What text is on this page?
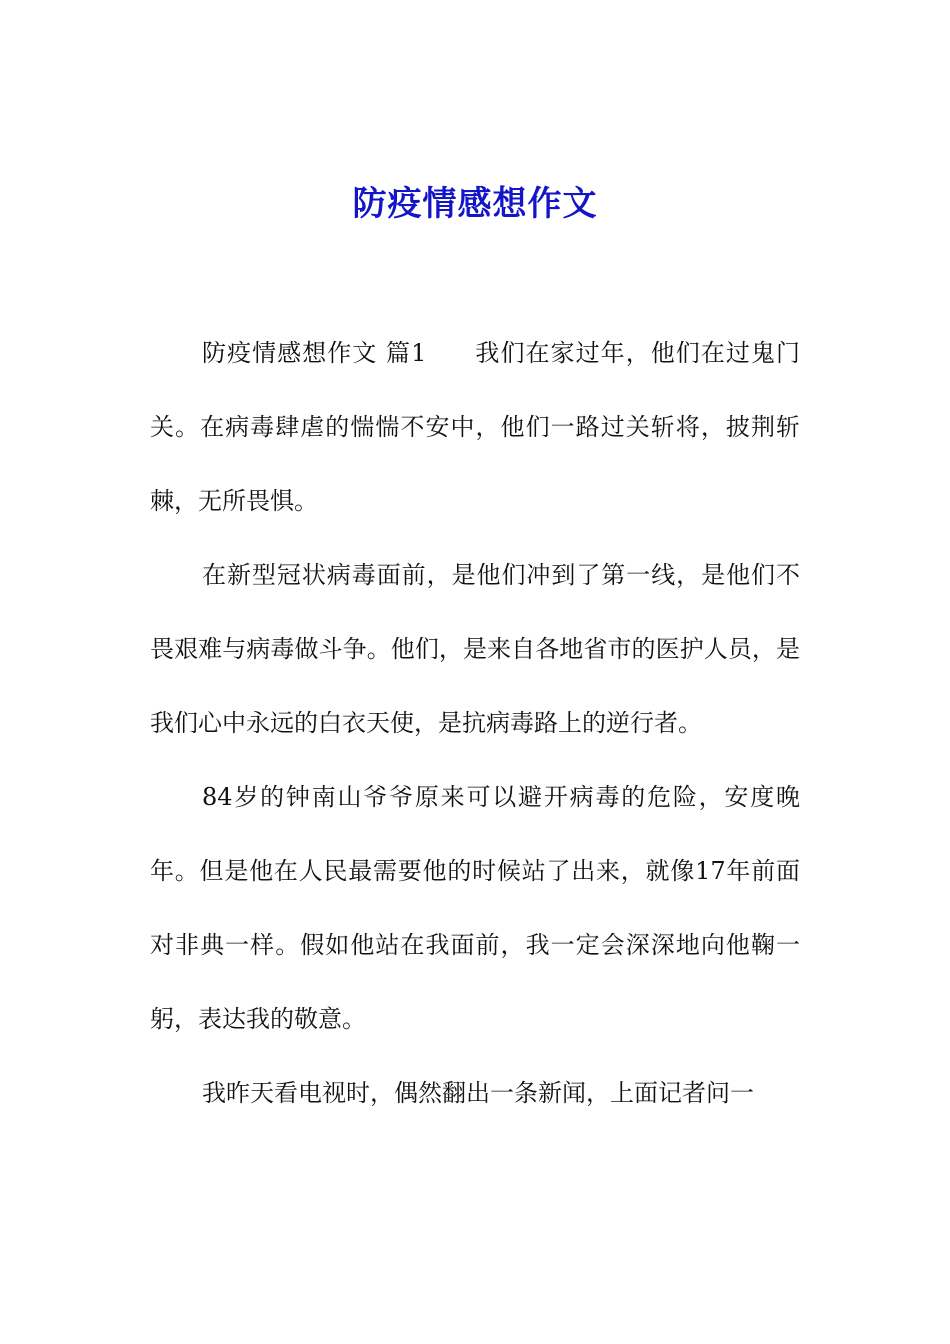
防疫情感想作文

防疫情感想作文 篇1 我们在家过年，他们在过鬼门关。在病毒肆虐的惴惴不安中，他们一路过关斩将，披荆斩棘，无所畏惧。

在新型冠状病毒面前，是他们冲到了第一线，是他们不畏艰难与病毒做斗争。他们，是来自各地省市的医护人员，是我们心中永远的白衣天使，是抗病毒路上的逆行者。

84岁的钟南山爷爷原来可以避开病毒的危险，安度晚年。但是他在人民最需要他的时候站了出来，就像17年前面对非典一样。假如他站在我面前，我一定会深深地向他鞠一躬，表达我的敬意。

我昨天看电视时，偶然翻出一条新闻，上面记者问一
